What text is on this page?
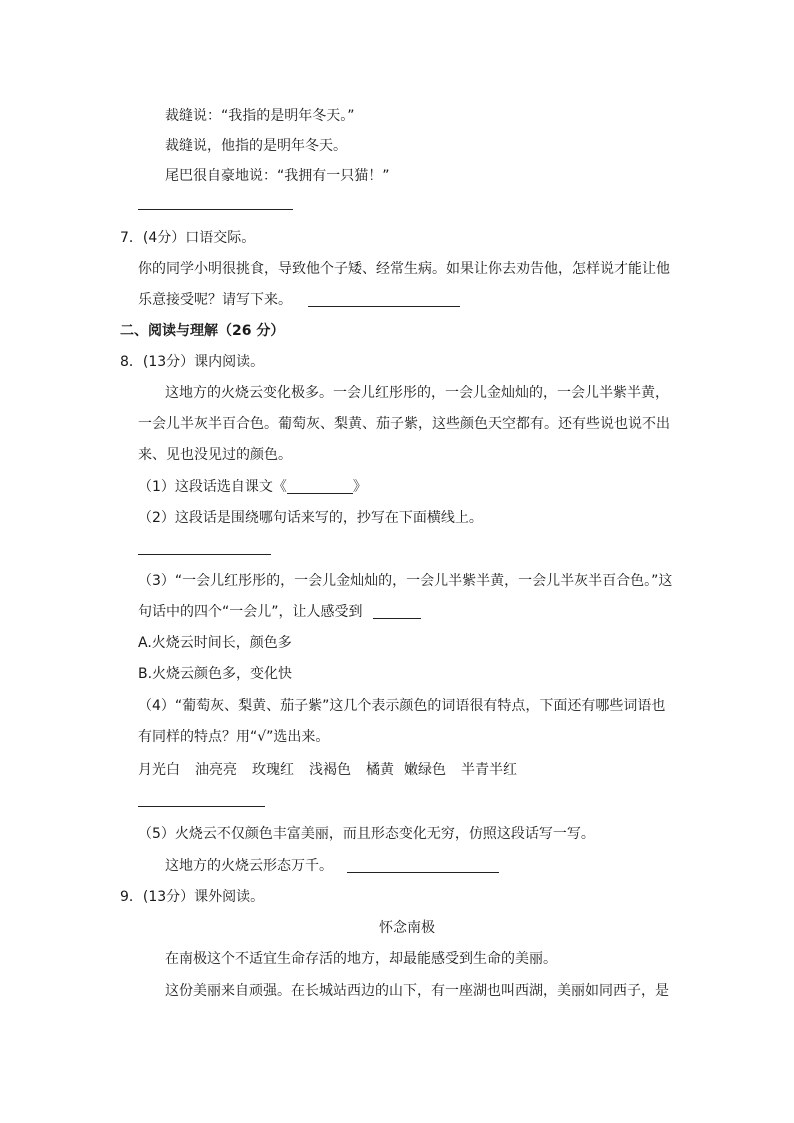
裁缝说：“我指的是明年冬天。”
裁缝说，他指的是明年冬天。
尾巴很自豪地说：“我拥有一只猫！”
7．(4分）口语交际。
你的同学小明很挑食，导致他个子矮、经常生病。如果让你去劝告他，怎样说才能让他
乐意接受呢？请写下来。
二、阅读与理解（26 分）
8．(13分）课内阅读。
这地方的火烧云变化极多。一会儿红彤彤的，一会儿金灿灿的，一会儿半紫半黄，
一会儿半灰半百合色。葡萄灰、梨黄、茄子紫，这些颜色天空都有。还有些说也说不出
来、见也没见过的颜色。
（1）这段话选自课文《	》
（2）这段话是围绕哪句话来写的，抄写在下面横线上。
（3）“一会儿红彤彤的，一会儿金灿灿的，一会儿半紫半黄，一会儿半灰半百合色。”这
句话中的四个“一会儿”，让人感受到
A.火烧云时间长，颜色多
B.火烧云颜色多，变化快
（4）“葡萄灰、梨黄、茄子紫”这几个表示颜色的词语很有特点，下面还有哪些词语也
有同样的特点？用“√”选出来。
月光白 油亮亮 玫瑰红 浅褐色 橘黄 嫩绿色 半青半红
（5）火烧云不仅颜色丰富美丽，而且形态变化无穷，仿照这段话写一写。
这地方的火烧云形态万千。
9．(13分）课外阅读。
怀念南极
在南极这个不适宜生命存活的地方，却最能感受到生命的美丽。
这份美丽来自顽强。在长城站西边的山下，有一座湖也叫西湖，美丽如同西子，是
